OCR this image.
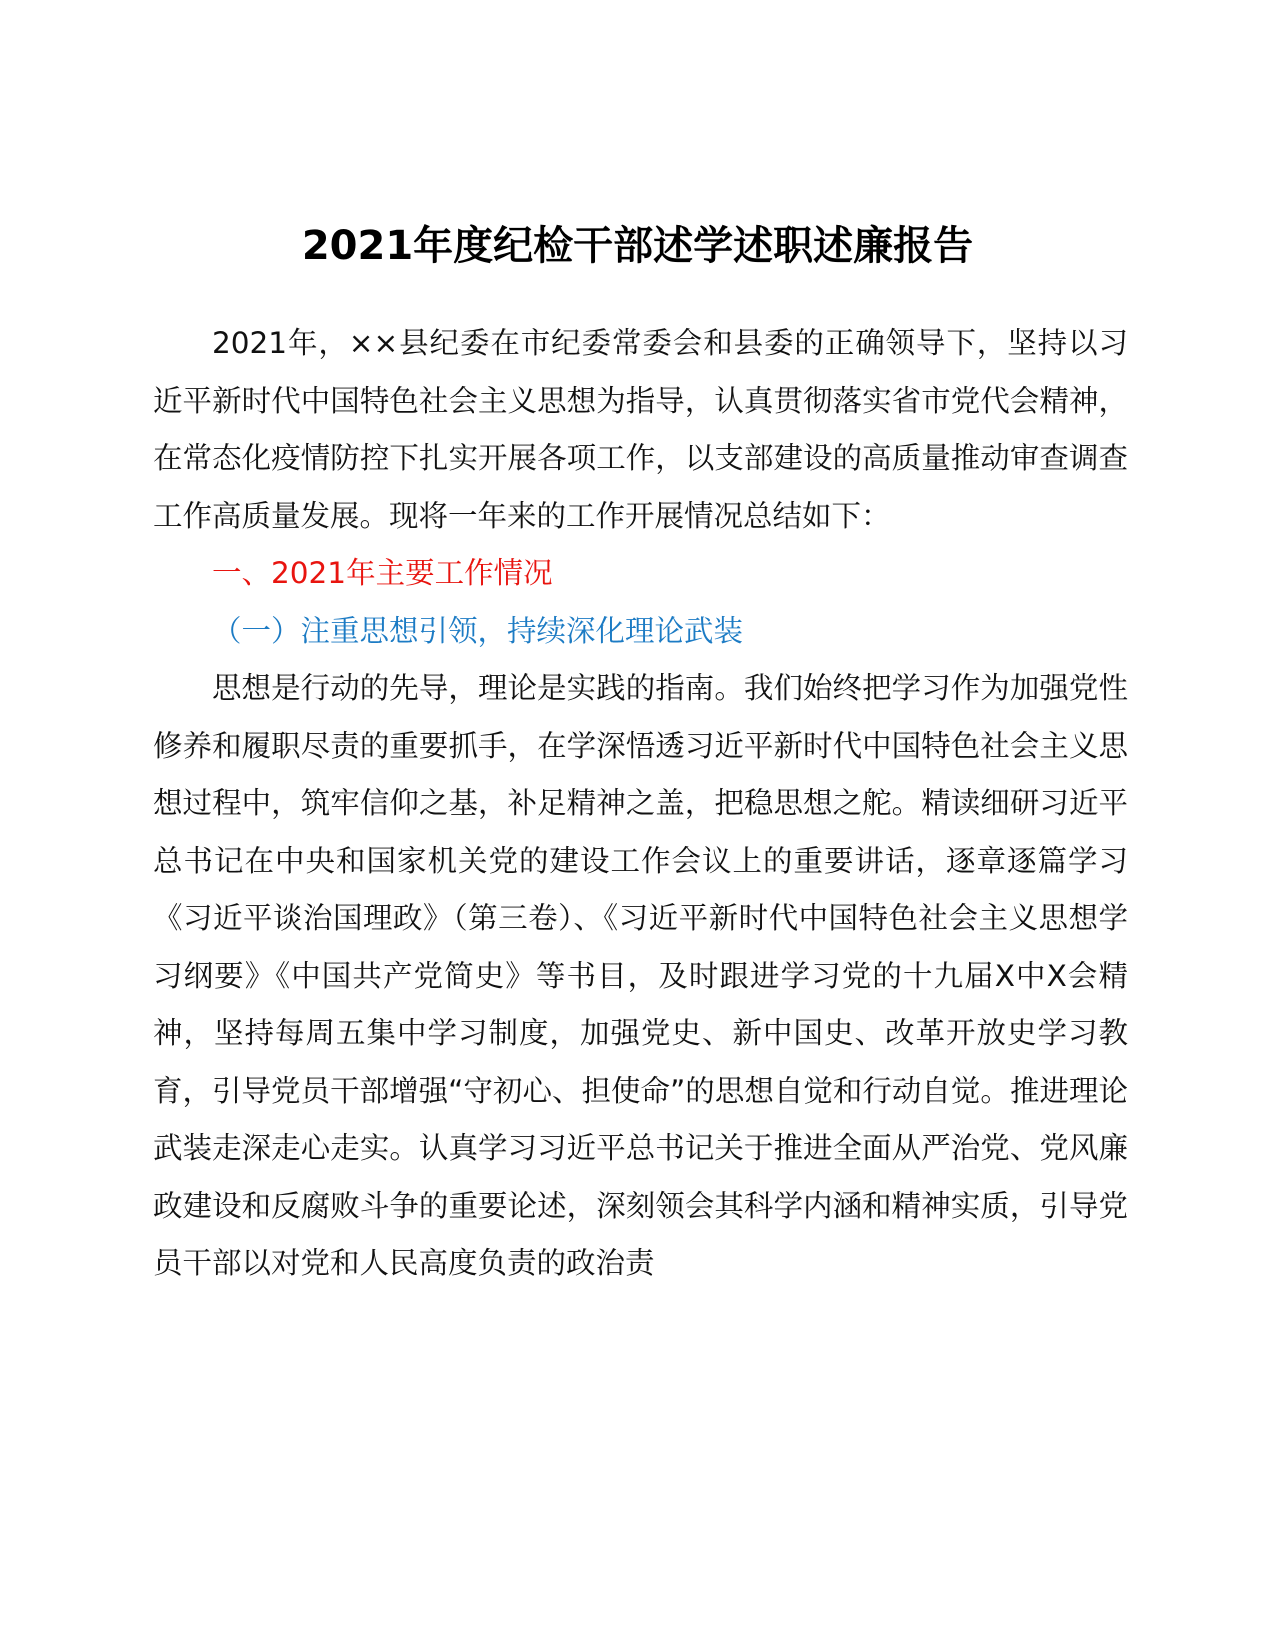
2021年度纪检干部述学述职述廉报告

2021年，××县纪委在市纪委常委会和县委的正确领导下，坚持以习近平新时代中国特色社会主义思想为指导，认真贯彻落实省市党代会精神，在常态化疫情防控下扎实开展各项工作，以支部建设的高质量推动审查调查工作高质量发展。现将一年来的工作开展情况总结如下：

一、2021年主要工作情况

（一）注重思想引领，持续深化理论武装

思想是行动的先导，理论是实践的指南。我们始终把学习作为加强党性修养和履职尽责的重要抓手，在学深悟透习近平新时代中国特色社会主义思想过程中，筑牢信仰之基，补足精神之盖，把稳思想之舵。精读细研习近平总书记在中央和国家机关党的建设工作会议上的重要讲话，逐章逐篇学习《习近平谈治国理政》（第三卷）、《习近平新时代中国特色社会主义思想学习纲要》《中国共产党简史》等书目，及时跟进学习党的十九届X中X会精神，坚持每周五集中学习制度，加强党史、新中国史、改革开放史学习教育，引导党员干部增强“守初心、担使命”的思想自觉和行动自觉。推进理论武装走深走心走实。认真学习习近平总书记关于推进全面从严治党、党风廉政建设和反腐败斗争的重要论述，深刻领会其科学内涵和精神实质，引导党员干部以对党和人民高度负责的政治责
